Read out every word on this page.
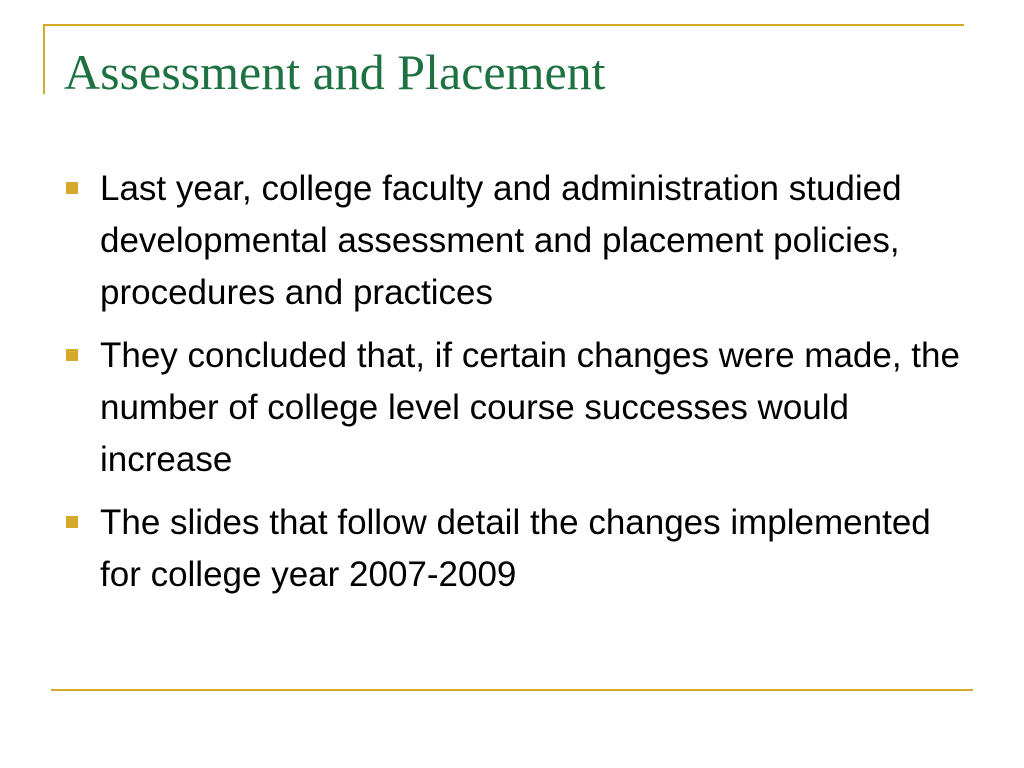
Assessment and Placement
Last year, college faculty and administration studied developmental assessment and placement policies, procedures and practices
They concluded that, if certain changes were made, the number of college level course successes would increase
The slides that follow detail the changes implemented for college year 2007-2009
